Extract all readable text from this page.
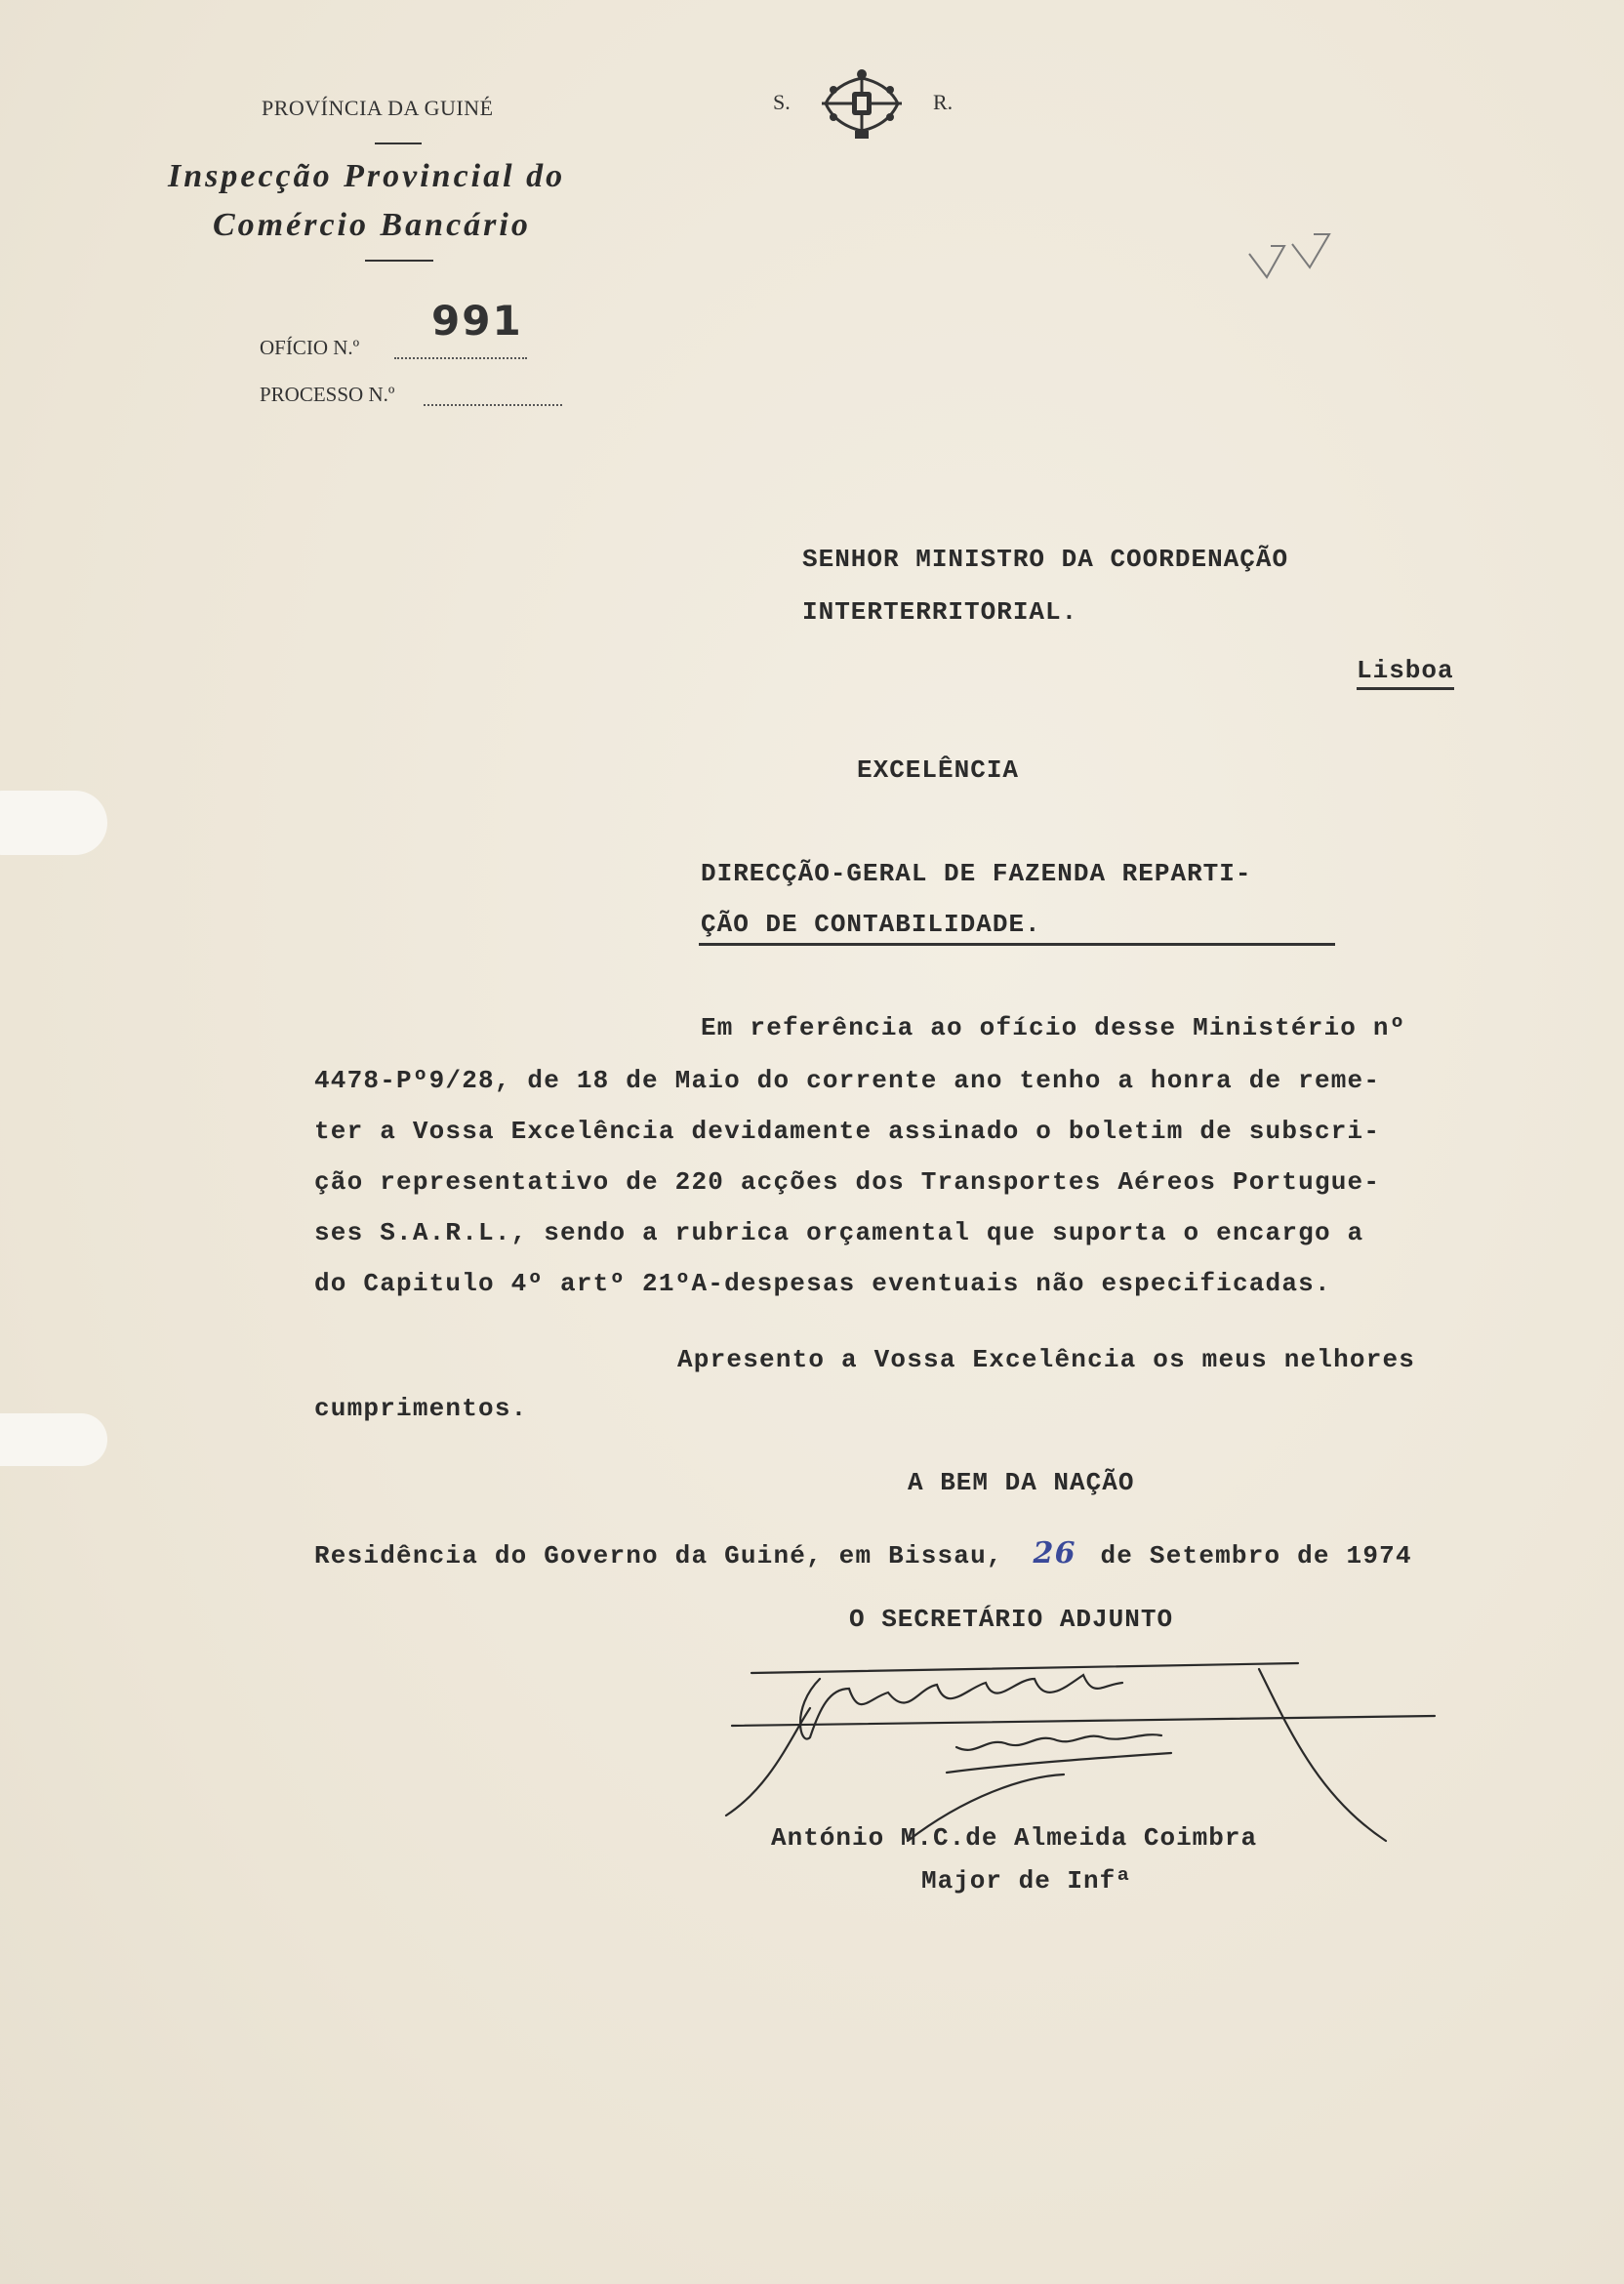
PROVÍNCIA DA GUINÉ	S.	R.
Inspecção Provincial do
Comércio Bancário
OFÍCIO N.º
991
PROCESSO N.º
SENHOR MINISTRO DA COORDENAÇÃO
INTERTERRITORIAL.
Lisboa
EXCELÊNCIA
DIRECÇÃO-GERAL DE FAZENDA REPARTI-
ÇÃO DE CONTABILIDADE.
Em referência ao ofício desse Ministério nº
4478-Pº9/28, de 18 de Maio do corrente ano tenho a honra de reme-
ter a Vossa Excelência devidamente assinado o boletim de subscri-
ção representativo de 220 acções dos Transportes Aéreos Portugue-
ses S.A.R.L., sendo a rubrica orçamental que suporta o encargo a
do Capitulo 4º artº 21ºA-despesas eventuais não especificadas.
Apresento a Vossa Excelência os meus nelhores
cumprimentos.
A BEM DA NAÇÃO
Residência do Governo da Guiné, em Bissau, 26 de Setembro de 1974
O SECRETÁRIO ADJUNTO
António M.C.de Almeida Coimbra
Major de Infª
